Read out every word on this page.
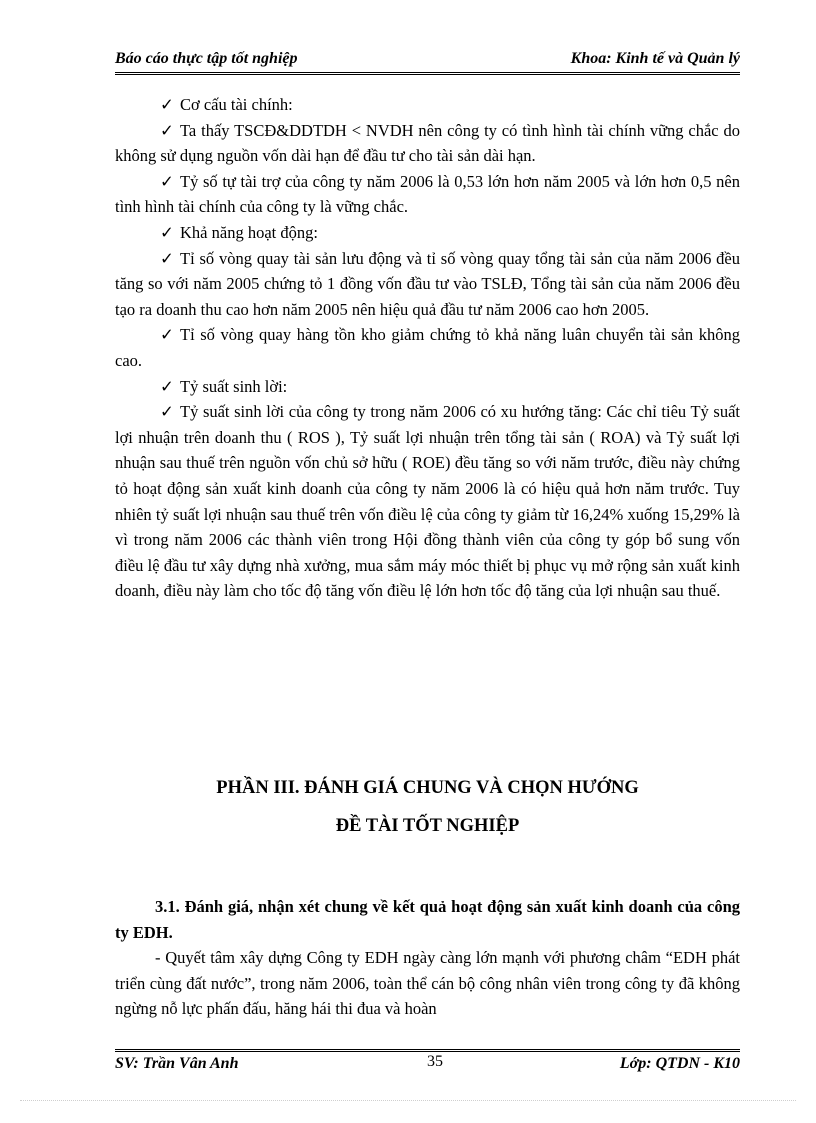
Báo cáo thực tập tốt nghiệp	Khoa: Kinh tế và Quản lý

✓ Cơ cấu tài chính:

✓ Ta thấy TSCĐ&DDTDH < NVDH nên công ty có tình hình tài chính vững chắc do không sử dụng nguồn vốn dài hạn để đầu tư cho tài sản dài hạn.

✓ Tỷ số tự tài trợ của công ty năm 2006 là 0,53 lớn hơn năm 2005 và lớn hơn 0,5 nên tình hình tài chính của công ty là vững chắc.

✓ Khả năng hoạt động:

✓ Tỉ số vòng quay tài sản lưu động và tỉ số vòng quay tổng tài sản của năm 2006 đều tăng so với năm 2005 chứng tỏ 1 đồng vốn đầu tư vào TSLĐ, Tổng tài sản của năm 2006 đều tạo ra doanh thu cao hơn năm 2005 nên hiệu quả đầu tư năm 2006 cao hơn 2005.

✓ Tỉ số vòng quay hàng tồn kho giảm chứng tỏ khả năng luân chuyển tài sản không cao.

✓ Tỷ suất sinh lời:

✓ Tỷ suất sinh lời của công ty trong năm 2006 có xu hướng tăng: Các chỉ tiêu Tỷ suất lợi nhuận trên doanh thu ( ROS ), Tỷ suất lợi nhuận trên tổng tài sản ( ROA) và Tỷ suất lợi nhuận sau thuế trên nguồn vốn chủ sở hữu ( ROE) đều tăng so với năm trước, điều này chứng tỏ hoạt động sản xuất kinh doanh của công ty năm 2006 là có hiệu quả hơn năm trước. Tuy nhiên tỷ suất lợi nhuận sau thuế trên vốn điều lệ của công ty giảm từ 16,24% xuống 15,29% là vì trong năm 2006 các thành viên trong Hội đồng thành viên của công ty góp bổ sung vốn điều lệ đầu tư xây dựng nhà xưởng, mua sắm máy móc thiết bị phục vụ mở rộng sản xuất kinh doanh, điều này làm cho tốc độ tăng vốn điều lệ lớn hơn tốc độ tăng của lợi nhuận sau thuế.

PHẦN III. ĐÁNH GIÁ CHUNG VÀ CHỌN HƯỚNG
ĐỀ TÀI TỐT NGHIỆP

3.1. Đánh giá, nhận xét chung về kết quả hoạt động sản xuất kinh doanh của công ty EDH.

- Quyết tâm xây dựng Công ty EDH ngày càng lớn mạnh với phương châm “EDH phát triển cùng đất nước”, trong năm 2006, toàn thể cán bộ công nhân viên trong công ty đã không ngừng nỗ lực phấn đấu, hăng hái thi đua và hoàn

SV: Trần Vân Anh	35	Lớp: QTDN - K10
